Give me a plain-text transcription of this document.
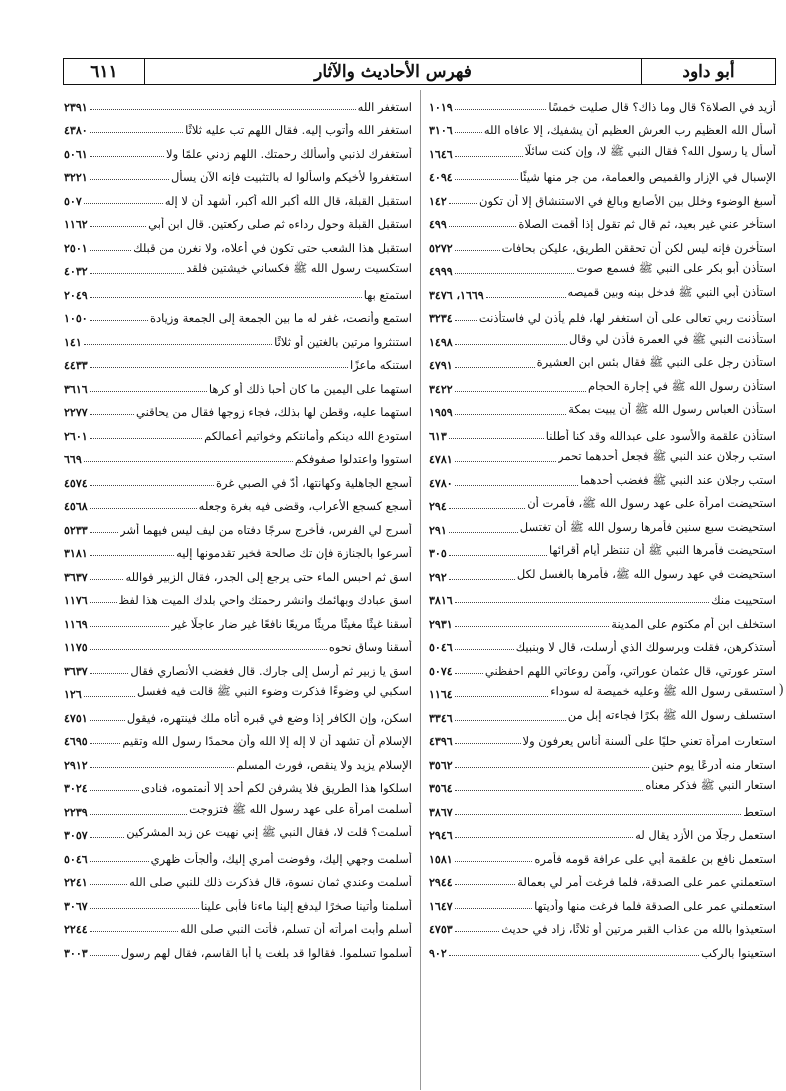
أبو داود
فهرس الأحاديث والآثار
٦١١
أزيد في الصلاة؟ قال وما ذاك؟ قال صليت خمسًا
١٠١٩
أسأل الله العظيم رب العرش العظيم أن يشفيك، إلا عافاه الله
٣١٠٦
أسأل يا رسول الله؟ فقال النبي ﷺ لا، وإن كنت سائلًا
١٦٤٦
الإسبال في الإزار والقميص والعمامة، من جر منها شيئًا
٤٠٩٤
أسبغ الوضوء وخلل بين الأصابع وبالغ في الاستنشاق إلا أن تكون
١٤٢
استأخر عني غير بعيد، ثم قال ثم تقول إذا أقمت الصلاة
٤٩٩
استأخرن فإنه ليس لكن أن تحققن الطريق، عليكن بحافات
٥٢٧٢
استأذن أبو بكر على النبي ﷺ فسمع صوت
٤٩٩٩
استأذن أبي النبي ﷺ فدخل بينه وبين قميصه
١٦٦٩، ٣٤٧٦
استأذنت ربي تعالى على أن استغفر لها، فلم يأذن لي فاستأذنت
٣٢٣٤
استأذنت النبي ﷺ في العمرة فأذن لي وقال
١٤٩٨
استأذن رجل على النبي ﷺ فقال بئس ابن العشيرة
٤٧٩١
استأذن رسول الله ﷺ في إجارة الحجام
٣٤٢٢
استأذن العباس رسول الله ﷺ أن يبيت بمكة
١٩٥٩
استأذن علقمة والأسود على عبدالله وقد كنا أطلنا
٦١٣
استب رجلان عند النبي ﷺ فجعل أحدهما تحمر
٤٧٨١
استب رجلان عند النبي ﷺ فغضب أحدهما
٤٧٨٠
استحيضت امرأة على عهد رسول الله ﷺ، فأمرت أن
٢٩٤
استحيضت سبع سنين فأمرها رسول الله ﷺ أن تغتسل
٢٩١
استحيضت فأمرها النبي ﷺ أن تنتظر أيام أقرائها
٣٠٥
استحيضت في عهد رسول الله ﷺ، فأمرها بالغسل لكل
٢٩٢
استحييت منك
٣٨١٦
استخلف ابن أم مكتوم على المدينة
٢٩٣١
أستذكرهن، فقلت وبرسولك الذي أرسلت، قال لا وبنبيك
٥٠٤٦
استر عورتي، قال عثمان عوراتي، وآمن روعاتي اللهم احفظني
٥٠٧٤
استسقى رسول الله ﷺ وعليه خميصة له سوداء
١١٦٤
استسلف رسول الله ﷺ بكرًا فجاءته إبل من
٣٣٤٦
استعارت امرأة تعني حليًا على ألسنة أناس يعرفون ولا
٤٣٩٦
استعار منه أدرعًا يوم حنين
٣٥٦٢
استعار النبي ﷺ فذكر معناه
٣٥٦٤
استعط
٣٨٦٧
استعمل رجلًا من الأزد يقال له
٢٩٤٦
استعمل نافع بن علقمة أبي على عرافة قومه فأمره
١٥٨١
استعملني عمر على الصدقة، فلما فرغت أمر لي بعمالة
٢٩٤٤
استعملني عمر على الصدقة فلما فرغت منها وأديتها
١٦٤٧
استعيذوا بالله من عذاب القبر مرتين أو ثلاثًا، زاد في حديث
٤٧٥٣
استعينوا بالركب
٩٠٢
استغفر الله
٢٣٩١
استغفر الله وأتوب إليه. فقال اللهم تب عليه ثلاثًا
٤٣٨٠
أستغفرك لذنبي وأسألك رحمتك. اللهم زدني علمًا ولا
٥٠٦١
استغفروا لأخيكم واسألوا له بالتثبيت فإنه الآن يسأل
٣٢٢١
استقبل القبلة، قال الله أكبر الله أكبر، أشهد أن لا إله
٥٠٧
استقبل القبلة وحول رداءه ثم صلى ركعتين. قال ابن أبي
١١٦٢
استقبل هذا الشعب حتى تكون في أعلاه، ولا نغرن من قبلك
٢٥٠١
استكسيت رسول الله ﷺ فكساني خيشتين فلقد
٤٠٣٢
استمتع بها
٢٠٤٩
استمع وأنصت، غفر له ما بين الجمعة إلى الجمعة وزيادة
١٠٥٠
استنثروا مرتين بالغتين أو ثلاثًا
١٤١
استنكه ماعزًا
٤٤٣٣
استهما على اليمين ما كان أحبا ذلك أو كرها
٣٦١٦
استهما عليه، وقطن لها بذلك، فجاء زوجها فقال من يحاقني
٢٢٧٧
استودع الله دينكم وأمانتكم وخواتيم أعمالكم
٢٦٠١
استووا واعتدلوا صفوفكم
٦٦٩
أسجع الجاهلية وكهانتها، أدّ في الصبي غرة
٤٥٧٤
أسجع كسجع الأعراب، وقضى فيه بغرة وجعله
٤٥٦٨
أسرج لي الفرس، فأخرج سرجًا دفتاه من ليف ليس فيهما أشر
٥٢٣٣
أسرعوا بالجنازة فإن تك صالحة فخير تقدمونها إليه
٣١٨١
اسق ثم احبس الماء حتى يرجع إلى الجدر، فقال الزبير فوالله
٣٦٣٧
اسق عبادك وبهائمك وانشر رحمتك واحي بلدك الميت هذا لفظ
١١٧٦
أسقنا غيثًا مغيثًا مريئًا مريعًا نافعًا غير ضار عاجلًا غير
١١٦٩
أسقنا وساق نحوه
١١٧٥
اسق يا زبير ثم أرسل إلى جارك. قال فغضب الأنصاري فقال
٣٦٣٧
اسكبي لي وضوءًا فذكرت وضوء النبي ﷺ قالت فيه فغسل
١٢٦
اسكن، وإن الكافر إذا وضع في قبره أتاه ملك فينتهره، فيقول
٤٧٥١
الإسلام أن تشهد أن لا إله إلا الله وأن محمدًا رسول الله وتقيم
٤٦٩٥
الإسلام يزيد ولا ينقص، فورث المسلم
٢٩١٢
اسلكوا هذا الطريق فلا يشرفن لكم أحد إلا أنمتموه، فنادى
٣٠٢٤
أسلمت امرأة على عهد رسول الله ﷺ فتزوجت
٢٢٣٩
أسلمت؟ قلت لا، فقال النبي ﷺ إني نهيت عن زبد المشركين
٣٠٥٧
أسلمت وجهي إليك، وفوضت أمري إليك، وألجأت ظهري
٥٠٤٦
أسلمت وعندي ثمان نسوة، قال فذكرت ذلك للنبي صلى الله
٢٢٤١
أسلمنا وأتينا صخرًا ليدفع إلينا ماءنا فأبى علينا
٣٠٦٧
أسلم وأبت امرأته أن تسلم، فأتت النبي صلى الله
٢٢٤٤
أسلموا تسلموا. فقالوا قد بلغت يا أبا القاسم، فقال لهم رسول
٣٠٠٣
)
